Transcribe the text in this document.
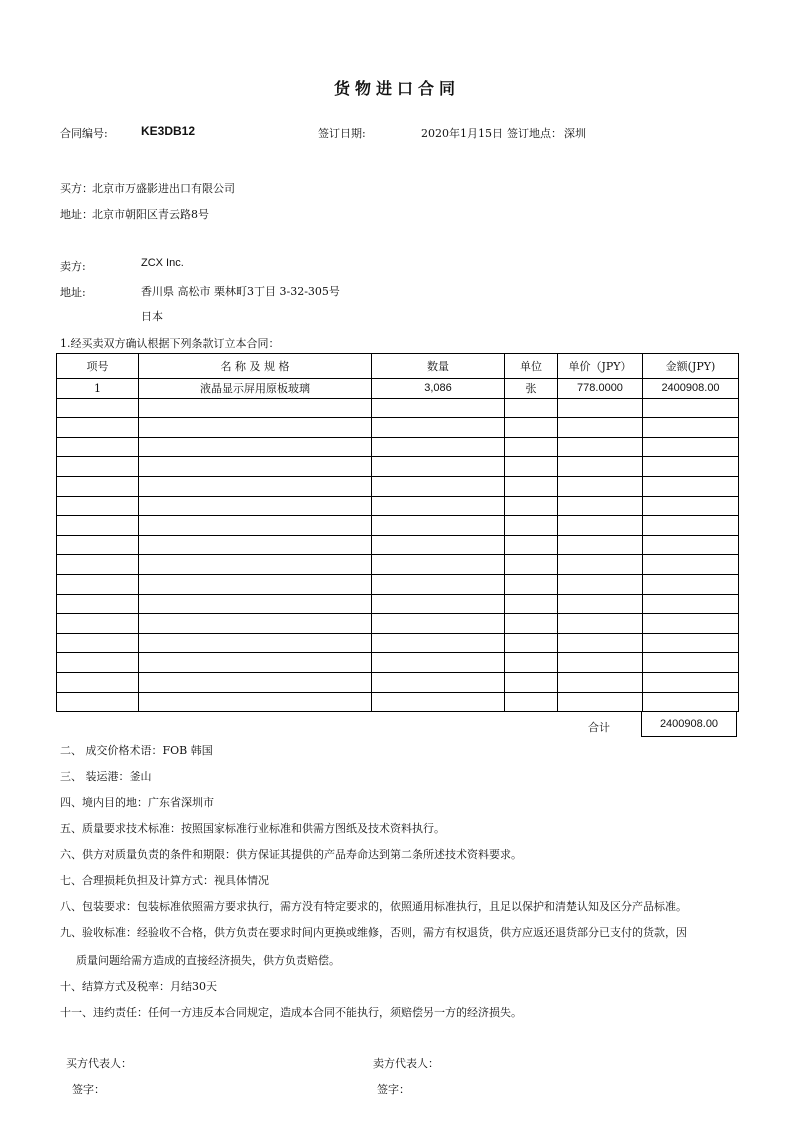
货物进口合同
合同编号:	KE3DB12	签订日期:	2020年1月15日 签订地点： 深圳
买方： 北京市万盛影进出口有限公司
地址： 北京市朝阳区青云路8号
卖方:	ZCX Inc.
地址:	香川県 高松市 栗林町3丁目 3-32-305号
日本
1.经买卖双方确认根据下列条款订立本合同：
项号	名 称 及 规 格	数量	单位	单价（JPY）	金额(JPY)
1	液晶显示屏用原板玻璃	3,086	张	778.0000	2400908.00

合计	2400908.00
二、 成交价格术语：FOB 韩国
三、 装运港：釜山
四、境内目的地：广东省深圳市
五、质量要求技术标准：按照国家标准行业标准和供需方图纸及技术资料执行。
六、供方对质量负责的条件和期限：供方保证其提供的产品寿命达到第二条所述技术资料要求。
七、合理损耗负担及计算方式：视具体情况
八、包装要求：包装标准依照需方要求执行，需方没有特定要求的，依照通用标准执行，且足以保护和清楚认知及区分产品标准。
九、验收标准：经验收不合格，供方负责在要求时间内更换或维修，否则，需方有权退货，供方应返还退货部分已支付的货款，因
质量问题给需方造成的直接经济损失，供方负责赔偿。
十、结算方式及税率：月结30天
十一、违约责任：任何一方违反本合同规定，造成本合同不能执行，须赔偿另一方的经济损失。
买方代表人：	卖方代表人：
签字：	签字：
